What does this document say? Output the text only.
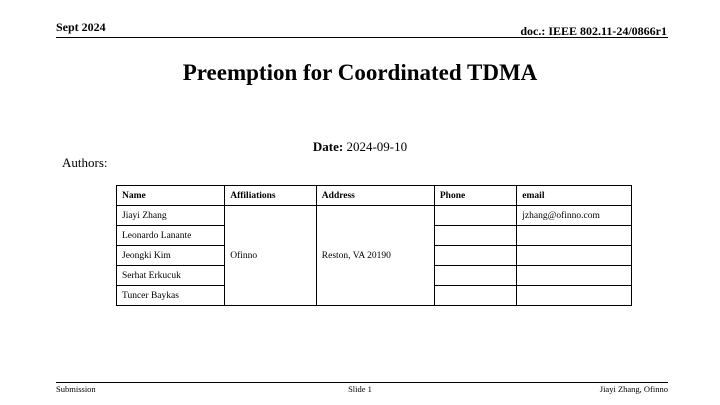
Sept 2024	doc.: IEEE 802.11-24/0866r1
Preemption for Coordinated TDMA
Date: 2024-09-10
Authors:
Name	Affiliations	Address	Phone	email
Jiayi Zhang	Ofinno	Reston, VA 20190		jzhang@ofinno.com
Leonardo Lanante				
Jeongki Kim				
Serhat Erkucuk				
Tuncer Baykas				
Submission	Slide 1	Jiayi Zhang, Ofinno
